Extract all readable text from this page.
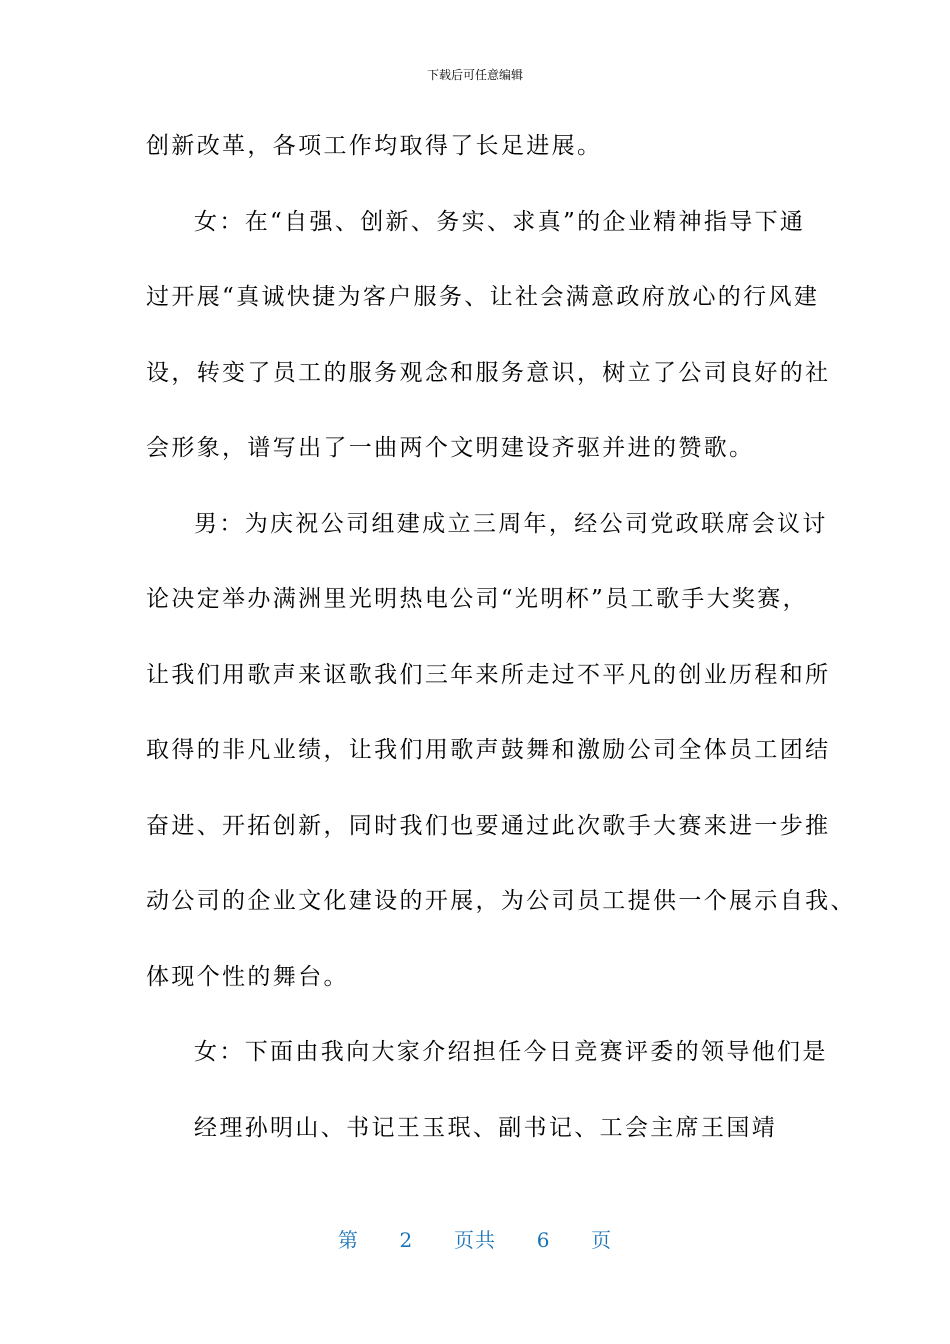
下载后可任意编辑
创新改革，各项工作均取得了长足进展。
女：在“自强、创新、务实、求真”的企业精神指导下通
过开展“真诚快捷为客户服务、让社会满意政府放心的行风建
设，转变了员工的服务观念和服务意识，树立了公司良好的社
会形象，谱写出了一曲两个文明建设齐驱并进的赞歌。
男：为庆祝公司组建成立三周年，经公司党政联席会议讨
论决定举办满洲里光明热电公司“光明杯”员工歌手大奖赛，
让我们用歌声来讴歌我们三年来所走过不平凡的创业历程和所
取得的非凡业绩，让我们用歌声鼓舞和激励公司全体员工团结
奋进、开拓创新，同时我们也要通过此次歌手大赛来进一步推
动公司的企业文化建设的开展，为公司员工提供一个展示自我、
体现个性的舞台。
女：下面由我向大家介绍担任今日竞赛评委的领导他们是
经理孙明山、书记王玉珉、副书记、工会主席王国靖
第 2 页共 6 页
